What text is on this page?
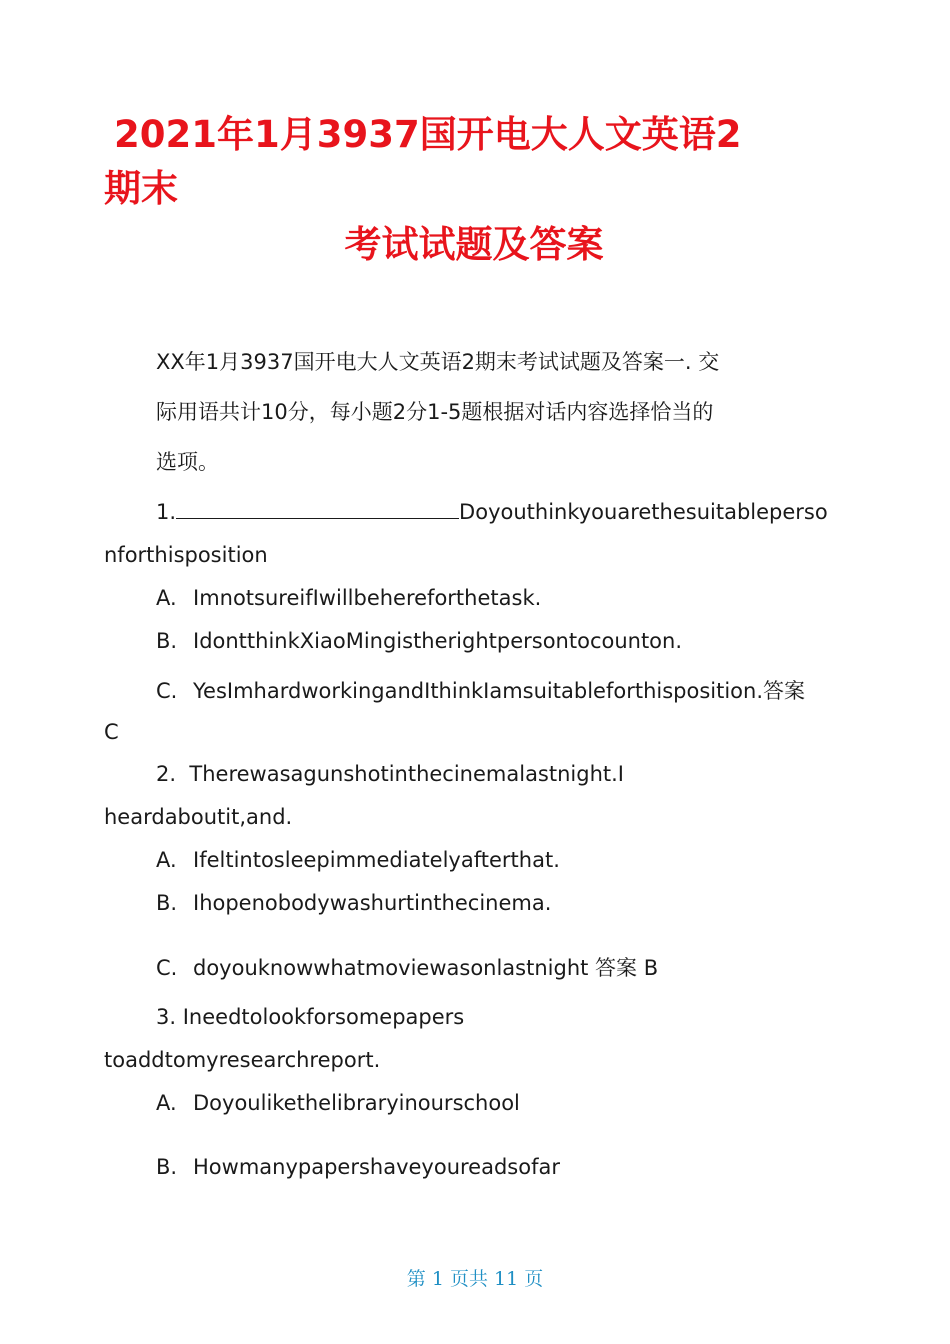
2021年1月3937国开电大人文英语2
期末
考试试题及答案
XX年1月3937国开电大人文英语2期末考试试题及答案一. 交
际用语共计10分，每小题2分1-5题根据对话内容选择恰当的
选项。
1.	Doyouthinkyouarethesuitableperso
nforthisposition
A. ImnotsureifIwillbehereforthetask.
B. IdontthinkXiaoMingistherightpersontocounton.
C. YesImhardworkingandIthinkIamsuitableforthisposition.答案
C
2. Therewasagunshotinthecinemalastnight.I
heardaboutit,and.
A. Ifeltintosleepimmediatelyafterthat.
B. Ihopenobodywashurtinthecinema.
C. doyouknowwhatmoviewasonlastnight 答案 B
3. Ineedtolookforsomepapers
toaddtomyresearchreport.
A. Doyoulikethelibraryinourschool
B. Howmanypapershaveyoureadsofar
第 1 页共 11 页
